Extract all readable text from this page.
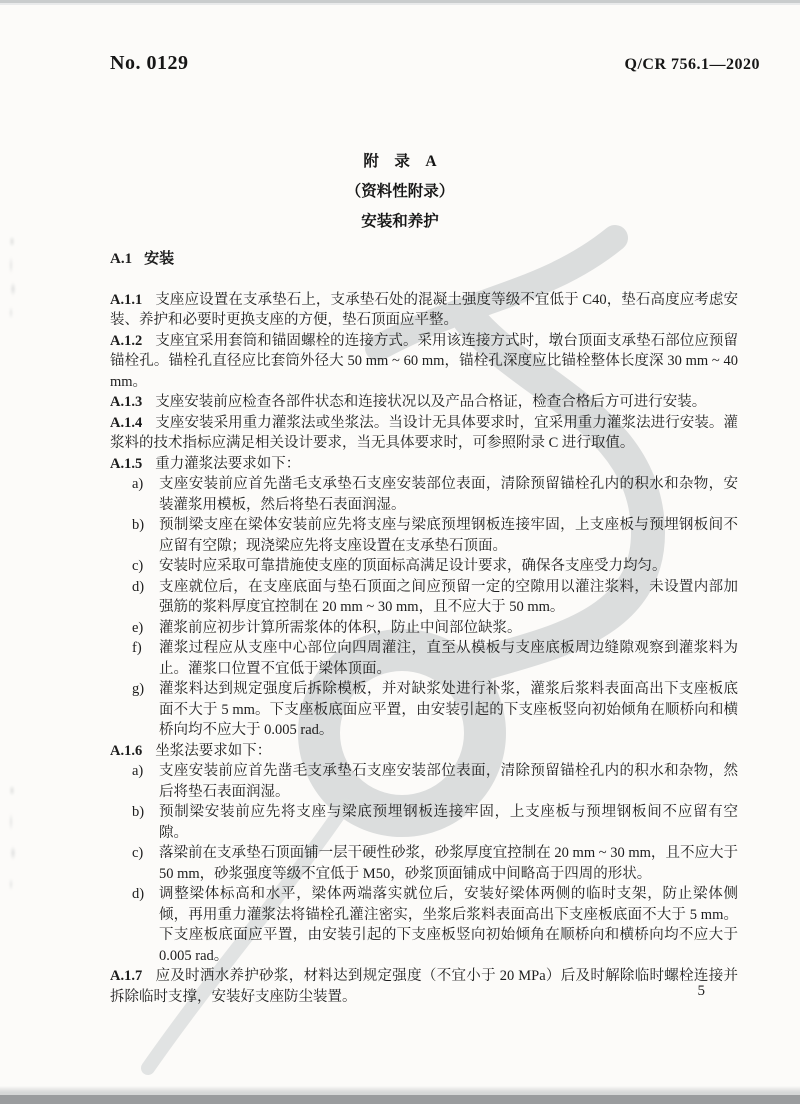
No. 0129	Q/CR 756.1—2020
附　录　A
（资料性附录）
安装和养护
A.1 安装

A.1.1 支座应设置在支承垫石上，支承垫石处的混凝土强度等级不宜低于 C40，垫石高度应考虑安装、养护和必要时更换支座的方便，垫石顶面应平整。

A.1.2 支座宜采用套筒和锚固螺栓的连接方式。采用该连接方式时，墩台顶面支承垫石部位应预留锚栓孔。锚栓孔直径应比套筒外径大 50 mm ~ 60 mm，锚栓孔深度应比锚栓整体长度深 30 mm ~ 40 mm。

A.1.3 支座安装前应检查各部件状态和连接状况以及产品合格证，检查合格后方可进行安装。

A.1.4 支座安装采用重力灌浆法或坐浆法。当设计无具体要求时，宜采用重力灌浆法进行安装。灌浆料的技术指标应满足相关设计要求，当无具体要求时，可参照附录 C 进行取值。

A.1.5 重力灌浆法要求如下：

a)	支座安装前应首先凿毛支承垫石支座安装部位表面，清除预留锚栓孔内的积水和杂物，安装灌浆用模板，然后将垫石表面润湿。
b)	预制梁支座在梁体安装前应先将支座与梁底预埋钢板连接牢固，上支座板与预埋钢板间不应留有空隙；现浇梁应先将支座设置在支承垫石顶面。
c)	安装时应采取可靠措施使支座的顶面标高满足设计要求，确保各支座受力均匀。
d)	支座就位后，在支座底面与垫石顶面之间应预留一定的空隙用以灌注浆料，未设置内部加强筋的浆料厚度宜控制在 20 mm ~ 30 mm，且不应大于 50 mm。
e)	灌浆前应初步计算所需浆体的体积，防止中间部位缺浆。
f)	灌浆过程应从支座中心部位向四周灌注，直至从模板与支座底板周边缝隙观察到灌浆料为止。灌浆口位置不宜低于梁体顶面。
g)	灌浆料达到规定强度后拆除模板，并对缺浆处进行补浆，灌浆后浆料表面高出下支座板底面不大于 5 mm。下支座板底面应平置，由安装引起的下支座板竖向初始倾角在顺桥向和横桥向均不应大于 0.005 rad。

A.1.6 坐浆法要求如下：

a)	支座安装前应首先凿毛支承垫石支座安装部位表面，清除预留锚栓孔内的积水和杂物，然后将垫石表面润湿。
b)	预制梁安装前应先将支座与梁底预埋钢板连接牢固，上支座板与预埋钢板间不应留有空隙。
c)	落梁前在支承垫石顶面铺一层干硬性砂浆，砂浆厚度宜控制在 20 mm ~ 30 mm，且不应大于 50 mm，砂浆强度等级不宜低于 M50，砂浆顶面铺成中间略高于四周的形状。
d)	调整梁体标高和水平，梁体两端落实就位后，安装好梁体两侧的临时支架，防止梁体侧倾，再用重力灌浆法将锚栓孔灌注密实，坐浆后浆料表面高出下支座板底面不大于 5 mm。下支座板底面应平置，由安装引起的下支座板竖向初始倾角在顺桥向和横桥向均不应大于 0.005 rad。

A.1.7 应及时洒水养护砂浆，材料达到规定强度（不宜小于 20 MPa）后及时解除临时螺栓连接并拆除临时支撑，安装好支座防尘装置。	5
